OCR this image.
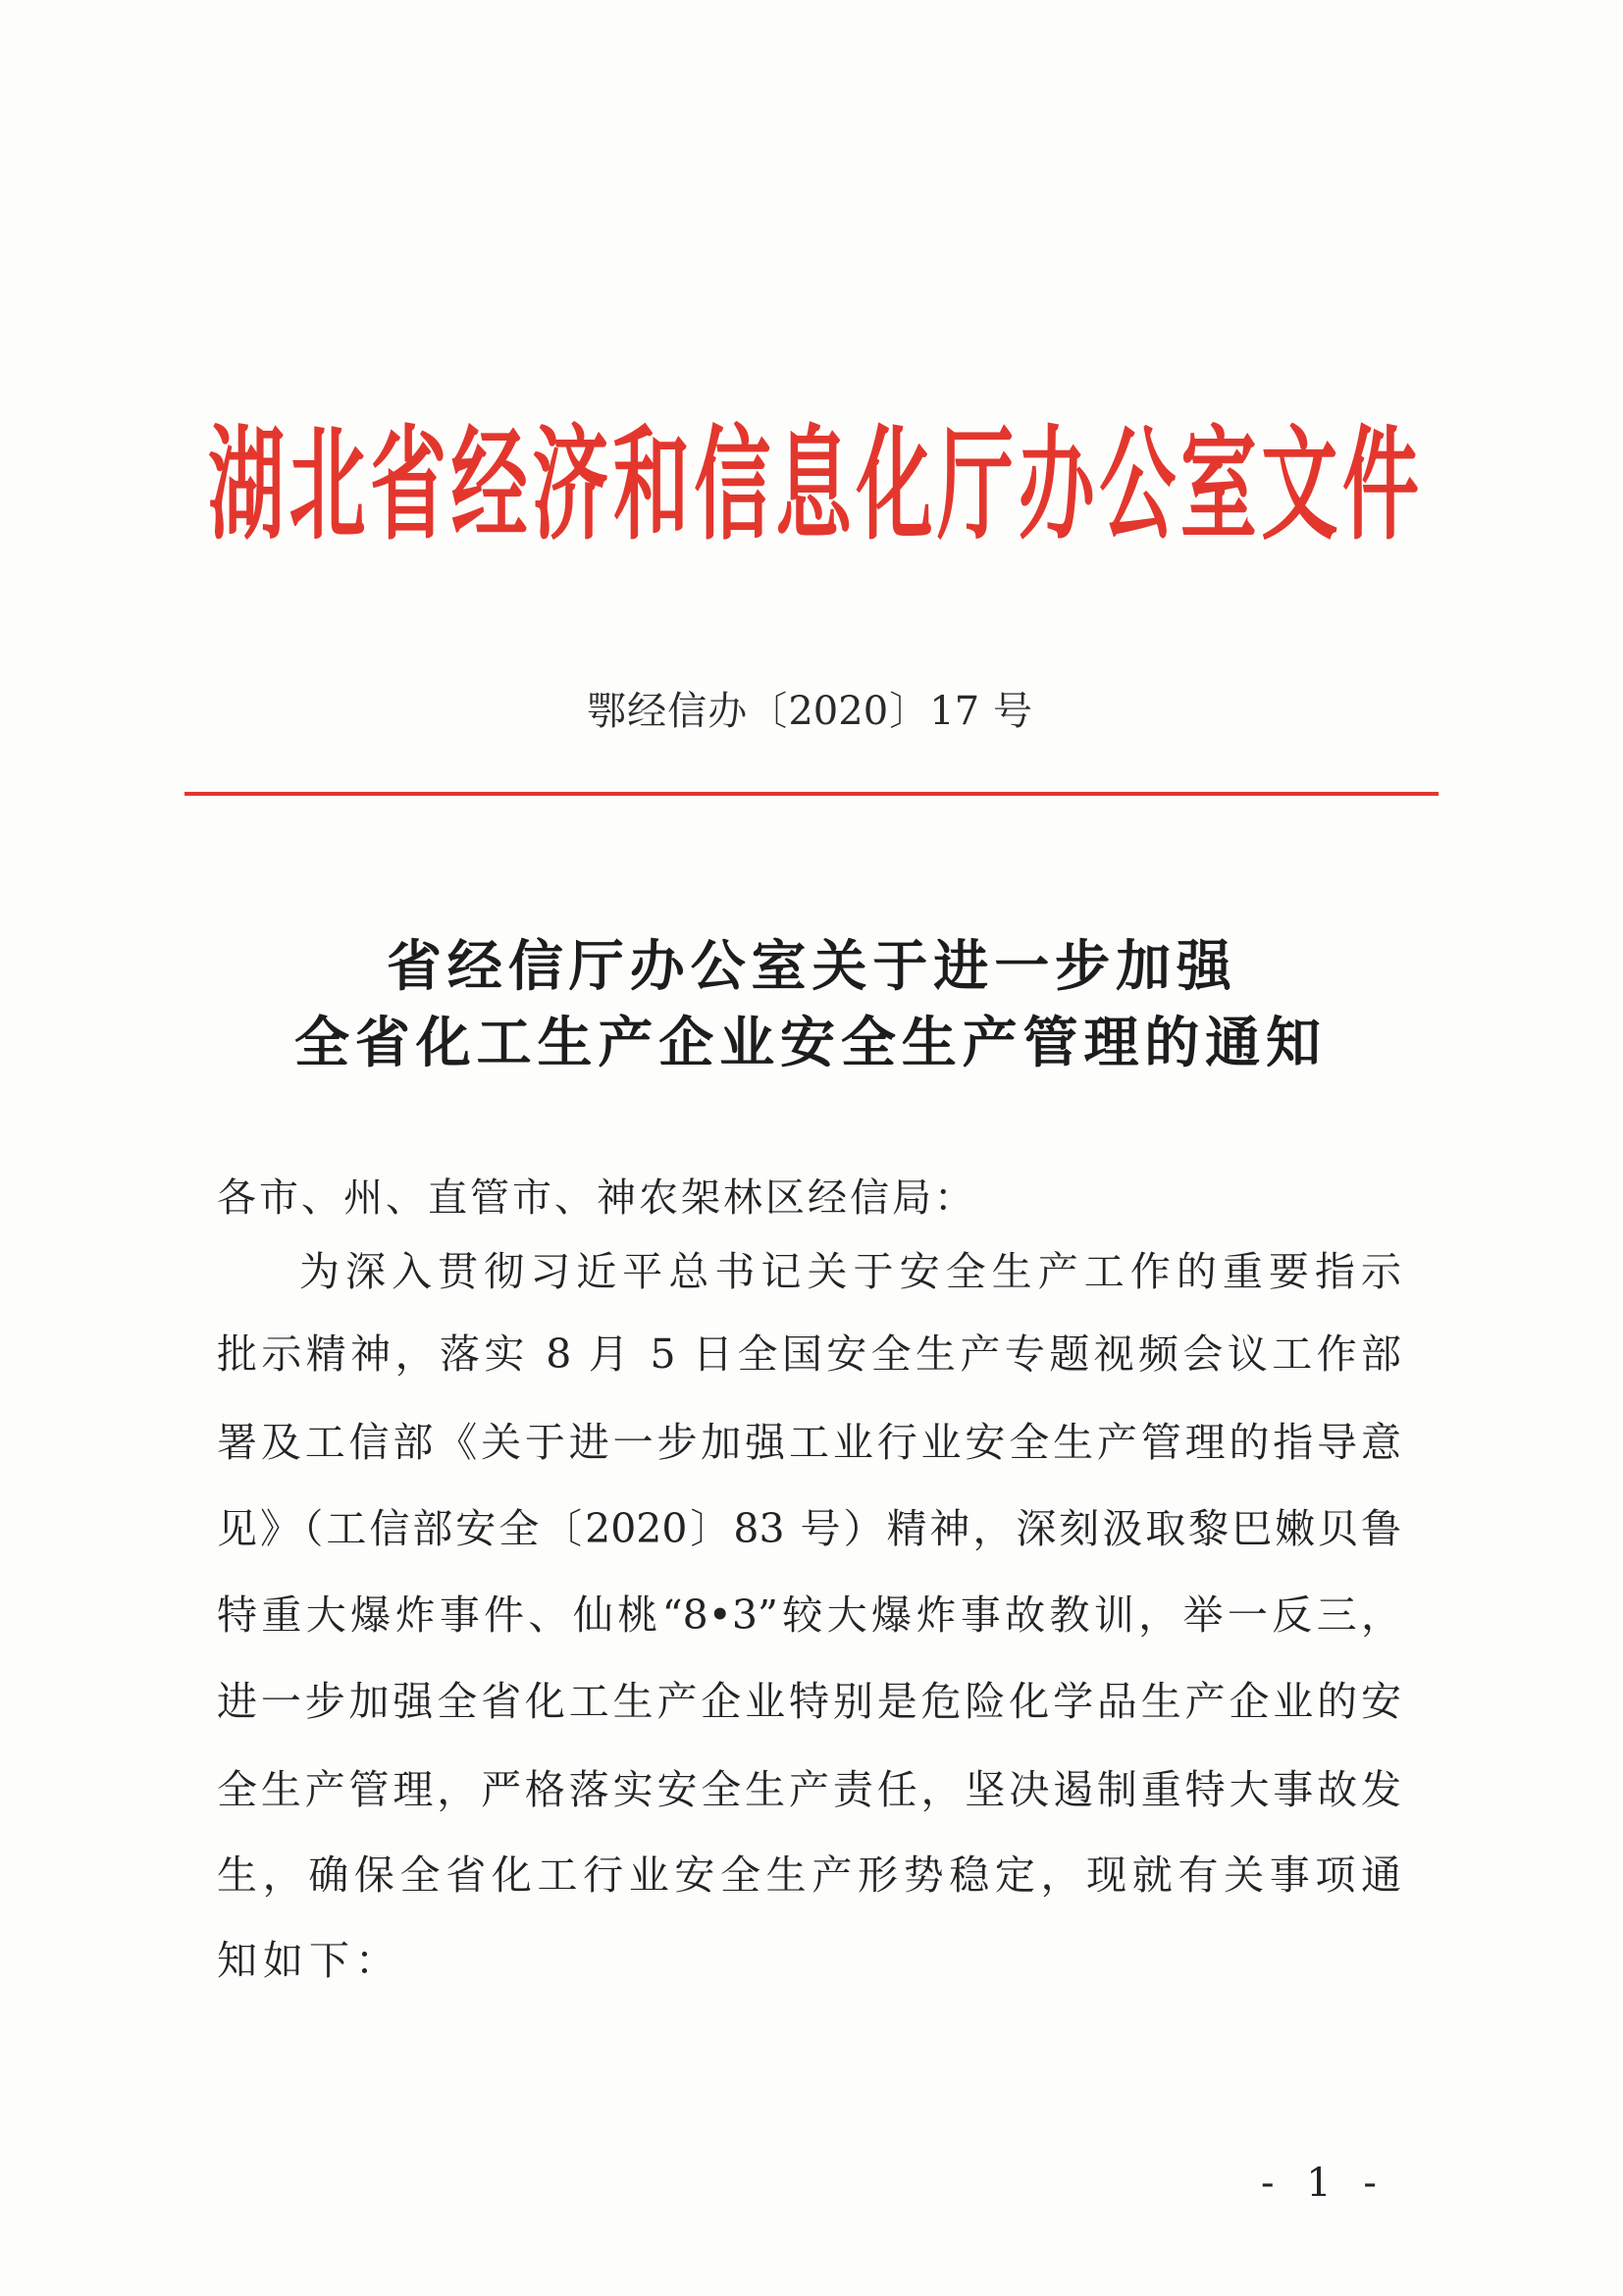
湖北省经济和信息化厅办公室文件
鄂经信办〔2020〕17 号
省经信厅办公室关于进一步加强
全省化工生产企业安全生产管理的通知
各市、州、直管市、神农架林区经信局：
为深入贯彻习近平总书记关于安全生产工作的重要指示
批示精神，落实 8 月 5 日全国安全生产专题视频会议工作部
署及工信部《关于进一步加强工业行业安全生产管理的指导意
见》（工信部安全〔2020〕83 号）精神，深刻汲取黎巴嫩贝鲁
特重大爆炸事件、仙桃“8•3”较大爆炸事故教训，举一反三，
进一步加强全省化工生产企业特别是危险化学品生产企业的安
全生产管理，严格落实安全生产责任，坚决遏制重特大事故发
生，确保全省化工行业安全生产形势稳定，现就有关事项通
知如下：
- 1 -
